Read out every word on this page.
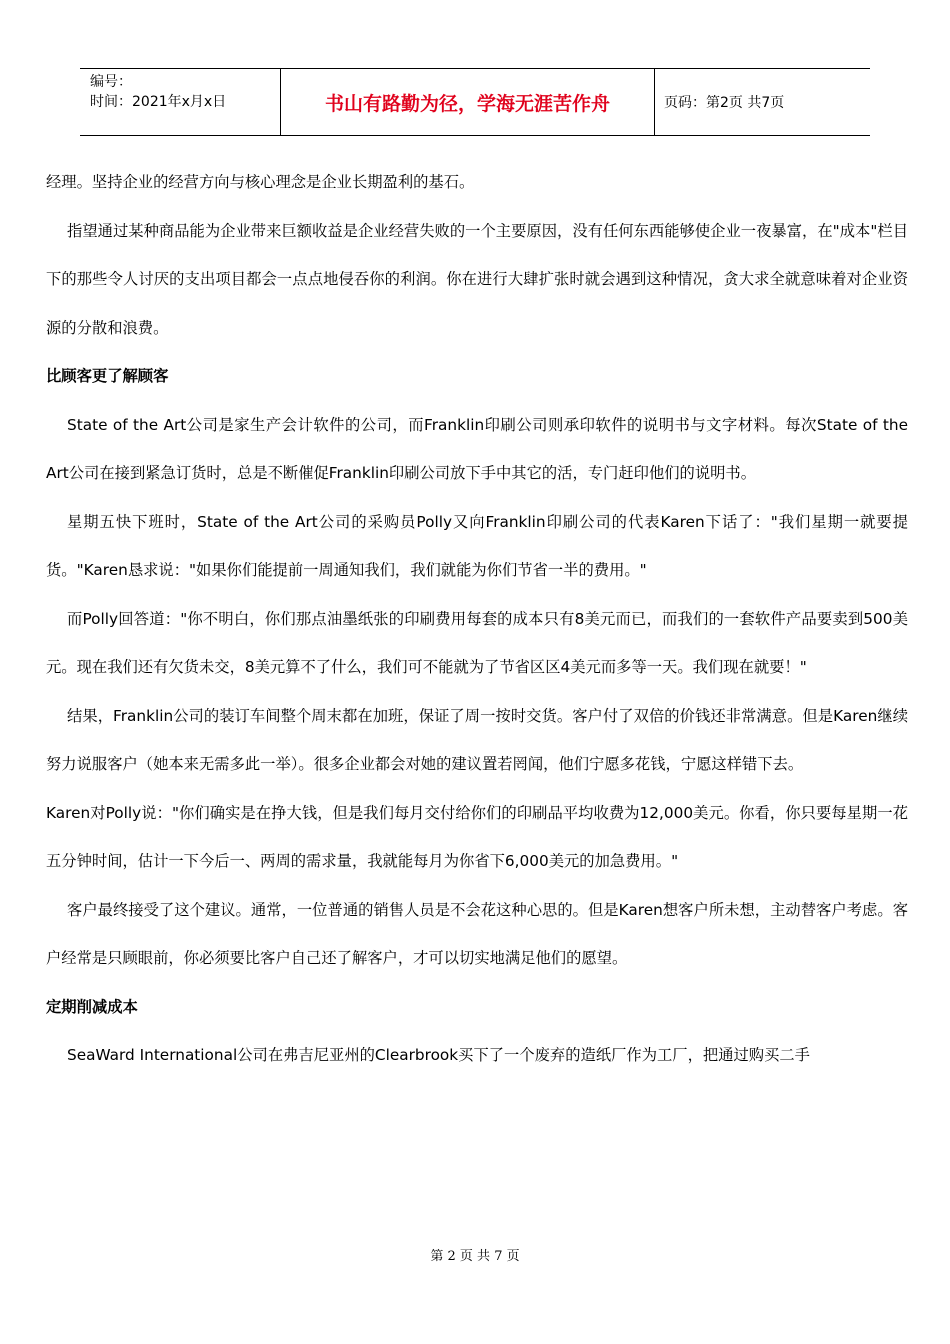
编号：
时间：2021年x月x日	书山有路勤为径，学海无涯苦作舟	页码：第2页 共7页

经理。坚持企业的经营方向与核心理念是企业长期盈利的基石。

指望通过某种商品能为企业带来巨额收益是企业经营失败的一个主要原因，没有任何东西能够使企业一夜暴富，在"成本"栏目下的那些令人讨厌的支出项目都会一点点地侵吞你的利润。你在进行大肆扩张时就会遇到这种情况，贪大求全就意味着对企业资源的分散和浪费。

比顾客更了解顾客

State of the Art公司是家生产会计软件的公司，而Franklin印刷公司则承印软件的说明书与文字材料。每次State of the Art公司在接到紧急订货时，总是不断催促Franklin印刷公司放下手中其它的活，专门赶印他们的说明书。

星期五快下班时，State of the Art公司的采购员Polly又向Franklin印刷公司的代表Karen下话了："我们星期一就要提货。"Karen恳求说："如果你们能提前一周通知我们，我们就能为你们节省一半的费用。"

而Polly回答道："你不明白，你们那点油墨纸张的印刷费用每套的成本只有8美元而已，而我们的一套软件产品要卖到500美元。现在我们还有欠货未交，8美元算不了什么，我们可不能就为了节省区区4美元而多等一天。我们现在就要！"

结果，Franklin公司的装订车间整个周末都在加班，保证了周一按时交货。客户付了双倍的价钱还非常满意。但是Karen继续努力说服客户（她本来无需多此一举）。很多企业都会对她的建议置若罔闻，他们宁愿多花钱，宁愿这样错下去。

Karen对Polly说："你们确实是在挣大钱，但是我们每月交付给你们的印刷品平均收费为12,000美元。你看，你只要每星期一花五分钟时间，估计一下今后一、两周的需求量，我就能每月为你省下6,000美元的加急费用。"

客户最终接受了这个建议。通常，一位普通的销售人员是不会花这种心思的。但是Karen想客户所未想，主动替客户考虑。客户经常是只顾眼前，你必须要比客户自己还了解客户，才可以切实地满足他们的愿望。

定期削减成本

SeaWard International公司在弗吉尼亚州的Clearbrook买下了一个废弃的造纸厂作为工厂，把通过购买二手

第 2 页 共 7 页
